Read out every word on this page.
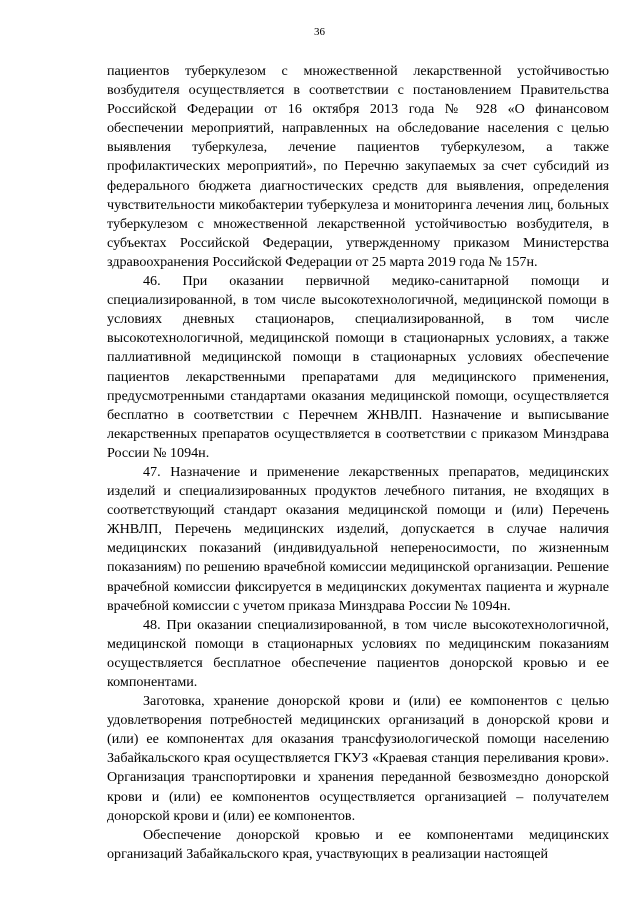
36

пациентов туберкулезом с множественной лекарственной устойчивостью возбудителя осуществляется в соответствии с постановлением Правительства Российской Федерации от 16 октября 2013 года № 928 «О финансовом обеспечении мероприятий, направленных на обследование населения с целью выявления туберкулеза, лечение пациентов туберкулезом, а также профилактических мероприятий», по Перечню закупаемых за счет субсидий из федерального бюджета диагностических средств для выявления, определения чувствительности микобактерии туберкулеза и мониторинга лечения лиц, больных туберкулезом с множественной лекарственной устойчивостью возбудителя, в субъектах Российской Федерации, утвержденному приказом Министерства здравоохранения Российской Федерации от 25 марта 2019 года № 157н.

46. При оказании первичной медико-санитарной помощи и специализированной, в том числе высокотехнологичной, медицинской помощи в условиях дневных стационаров, специализированной, в том числе высокотехнологичной, медицинской помощи в стационарных условиях, а также паллиативной медицинской помощи в стационарных условиях обеспечение пациентов лекарственными препаратами для медицинского применения, предусмотренными стандартами оказания медицинской помощи, осуществляется бесплатно в соответствии с Перечнем ЖНВЛП. Назначение и выписывание лекарственных препаратов осуществляется в соответствии с приказом Минздрава России № 1094н.

47. Назначение и применение лекарственных препаратов, медицинских изделий и специализированных продуктов лечебного питания, не входящих в соответствующий стандарт оказания медицинской помощи и (или) Перечень ЖНВЛП, Перечень медицинских изделий, допускается в случае наличия медицинских показаний (индивидуальной непереносимости, по жизненным показаниям) по решению врачебной комиссии медицинской организации. Решение врачебной комиссии фиксируется в медицинских документах пациента и журнале врачебной комиссии с учетом приказа Минздрава России № 1094н.

48. При оказании специализированной, в том числе высокотехнологичной, медицинской помощи в стационарных условиях по медицинским показаниям осуществляется бесплатное обеспечение пациентов донорской кровью и ее компонентами.

Заготовка, хранение донорской крови и (или) ее компонентов с целью удовлетворения потребностей медицинских организаций в донорской крови и (или) ее компонентах для оказания трансфузиологической помощи населению Забайкальского края осуществляется ГКУЗ «Краевая станция переливания крови». Организация транспортировки и хранения переданной безвозмездно донорской крови и (или) ее компонентов осуществляется организацией – получателем донорской крови и (или) ее компонентов.

Обеспечение донорской кровью и ее компонентами медицинских организаций Забайкальского края, участвующих в реализации настоящей
